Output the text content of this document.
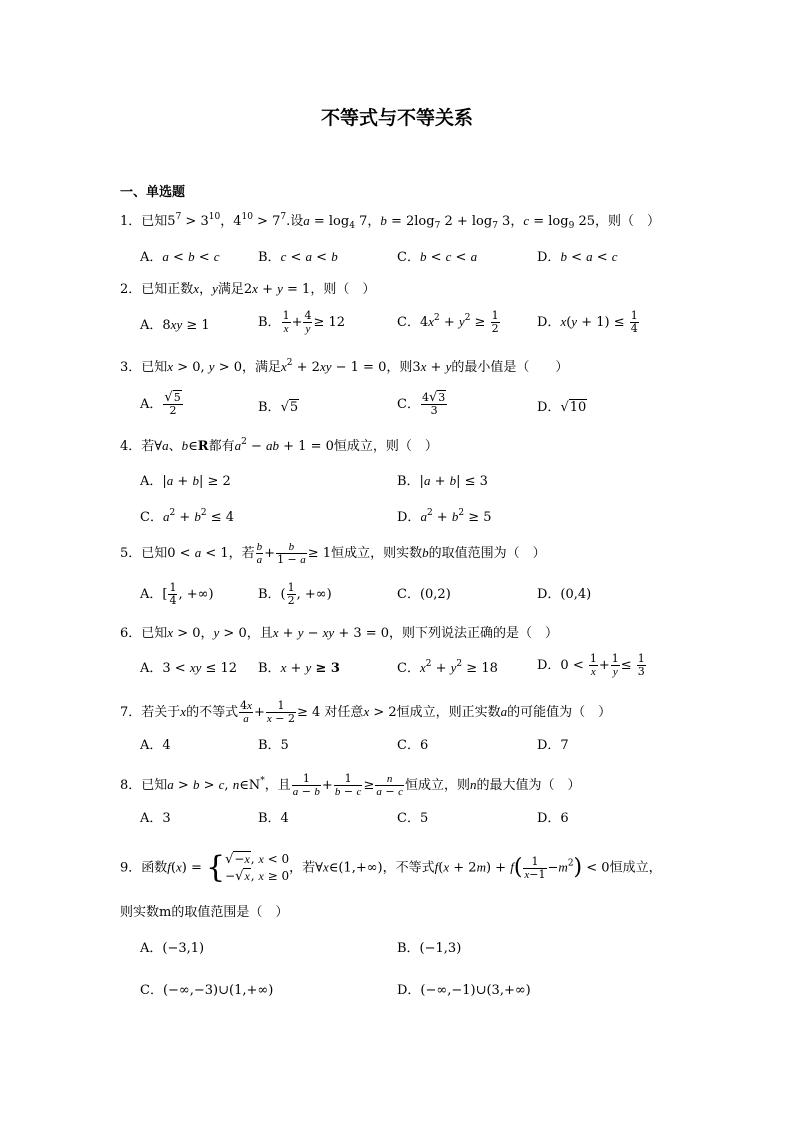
不等式与不等关系
一、单选题
1．已知$5^7 > 3^{10}$，$4^{10} > 7^7$.设$a = \log_4 7$，$b = 2\log_7$ $2 + \log_7 3$，$c = \log_9 25$，则（　）
A．a < b < c	B．c < a < b	C．b < c < a	D．b < a < c
2．已知正数x，y满足2x + y = 1，则（　）
A．8xy ≥ 1	B． $\frac{1}{x} + \frac{4}{y} \ge 12$	C．$4x^2 + y^2 \ge \frac{1}{2}$	D．$x(y + 1) \le \frac{1}{4}$
3．已知x > 0, y > 0，满足$x^2 + 2xy - 1 = 0$，则3x + y的最小值是（　　）
A． $\frac{√5}{2}$	B．√5	C． $\frac{4√3}{3}$	D．√10
4．若∀a、b∈R都有$a^2$ − ab + 1 = 0恒成立，则（　）
A．|a + b| ≥ 2	B．|a + b| ≤ 3
C．$a^2 + b^2 \le 4$	D．$a^2 + b^2 \ge 5$
5．已知0 < a < 1，若 $\frac{b}{a} + \frac{b}{1 - a} \ge 1$恒成立，则实数b的取值范围为（　）
A．[ $\frac{1}{4}$ , +∞)	B．( $\frac{1}{2}$ , +∞)	C．(0,2)	D．(0,4)
6．已知x > 0，y > 0，且x + y − xy + 3 = 0，则下列说法正确的是（　）
A．3 < xy ≤ 12 B．x + y ≥ 3	C．$x^2 + y^2 \ge 18$	D．$0 < \frac{1}{x} + \frac{1}{y} \le \frac{1}{3}$
7．若关于x的不等式 $\frac{4x}{a} + \frac{1}{x - 2} \ge 4$ 对任意x > 2恒成立，则正实数a的可能值为（　）
A．4	B．5	C．6	D．7
8．已知a > b > c, n∈N*，且 $\frac{1}{a - b} + \frac{1}{b - c} \ge \frac{n}{a - c}$ 恒成立，则n的最大值为（　）
A．3	B．4	C．5	D．6
9．函数f(x) = {√−x, x < 0
−√x, x ≥ 0，若∀x∈(1,+∞)，不等式$f(x + 2m) + f( \frac{1}{x-1} -m^2) < 0$恒成立，
则实数m的取值范围是（　）
A．(−3,1)	B．(−1,3)
C．(−∞,−3)∪(1,+∞)	D．(−∞,−1)∪(3,+∞)
